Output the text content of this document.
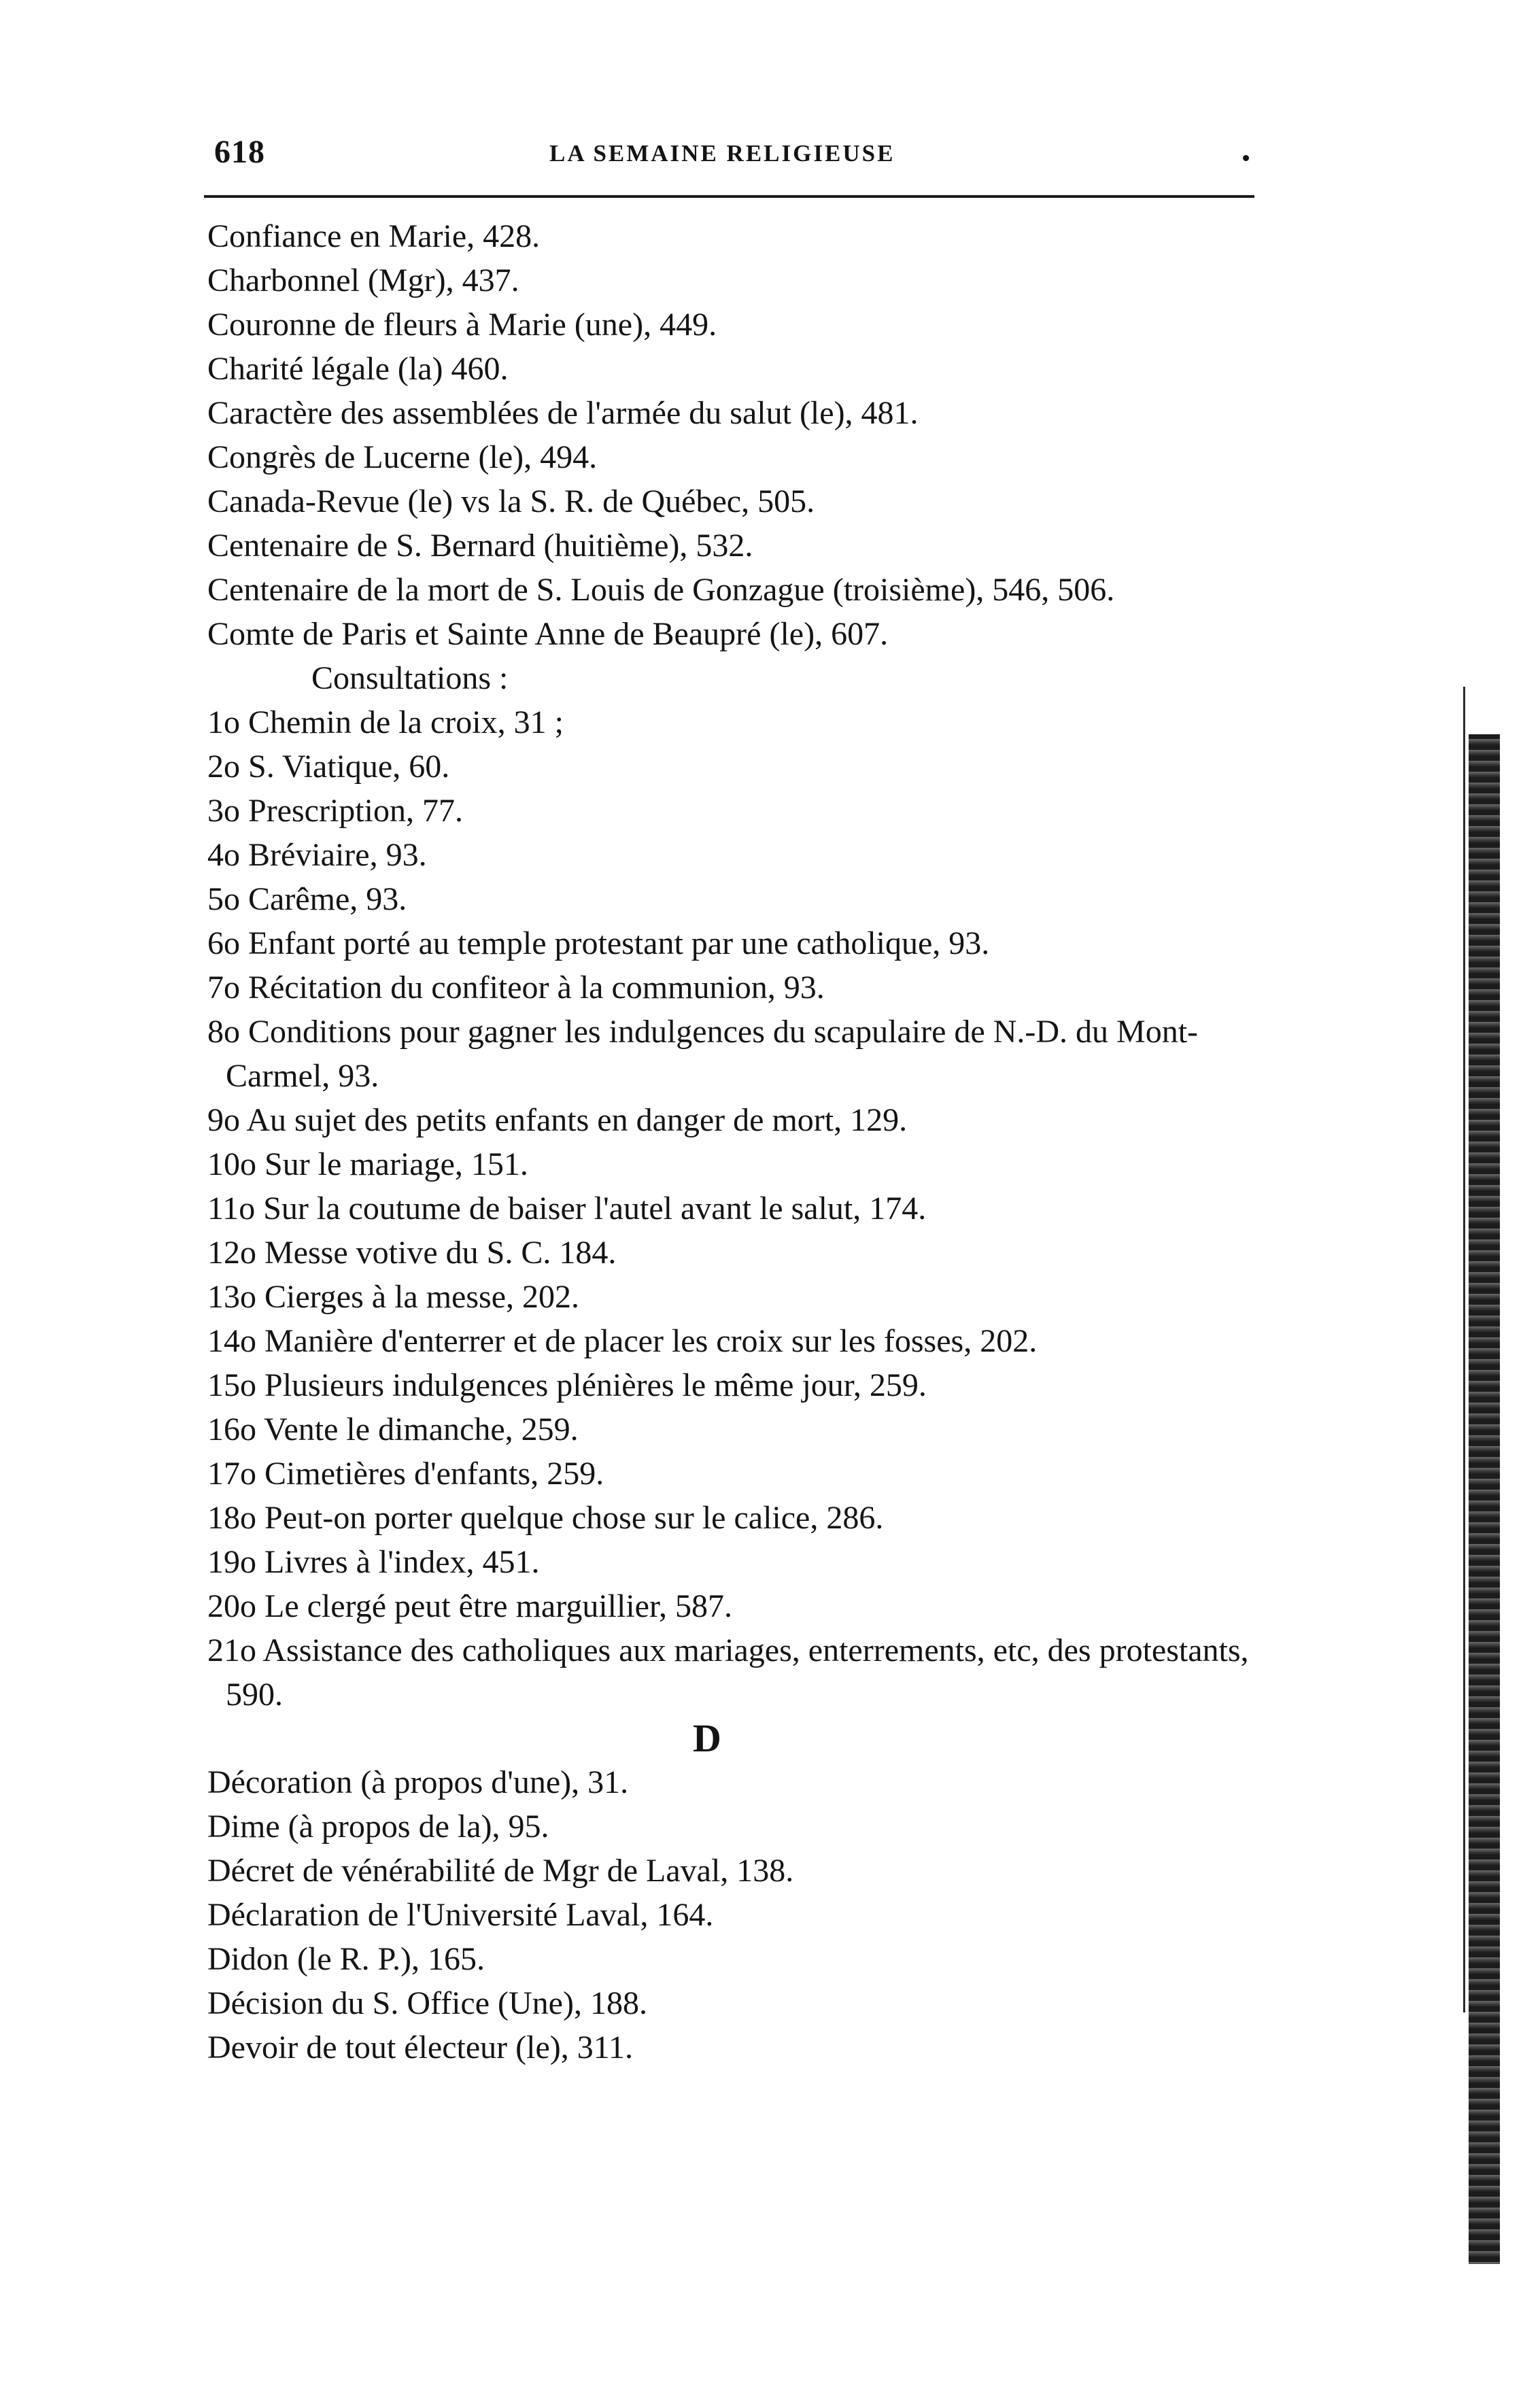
618	LA SEMAINE RELIGIEUSE
Confiance en Marie, 428.
Charbonnel (Mgr), 437.
Couronne de fleurs à Marie (une), 449.
Charité légale (la) 460.
Caractère des assemblées de l'armée du salut (le), 481.
Congrès de Lucerne (le), 494.
Canada-Revue (le) vs la S. R. de Québec, 505.
Centenaire de S. Bernard (huitième), 532.
Centenaire de la mort de S. Louis de Gonzague (troisième), 546, 506.
Comte de Paris et Sainte Anne de Beaupré (le), 607.
Consultations :
1o Chemin de la croix, 31 ;
2o S. Viatique, 60.
3o Prescription, 77.
4o Bréviaire, 93.
5o Carême, 93.
6o Enfant porté au temple protestant par une catholique, 93.
7o Récitation du confiteor à la communion, 93.
8o Conditions pour gagner les indulgences du scapulaire de N.-D. du Mont-Carmel, 93.
9o Au sujet des petits enfants en danger de mort, 129.
10o Sur le mariage, 151.
11o Sur la coutume de baiser l'autel avant le salut, 174.
12o Messe votive du S. C. 184.
13o Cierges à la messe, 202.
14o Manière d'enterrer et de placer les croix sur les fosses, 202.
15o Plusieurs indulgences plénières le même jour, 259.
16o Vente le dimanche, 259.
17o Cimetières d'enfants, 259.
18o Peut-on porter quelque chose sur le calice, 286.
19o Livres à l'index, 451.
20o Le clergé peut être marguillier, 587.
21o Assistance des catholiques aux mariages, enterrements, etc, des protestants, 590.
D
Décoration (à propos d'une), 31.
Dime (à propos de la), 95.
Décret de vénérabilité de Mgr de Laval, 138.
Déclaration de l'Université Laval, 164.
Didon (le R. P.), 165.
Décision du S. Office (Une), 188.
Devoir de tout électeur (le), 311.
